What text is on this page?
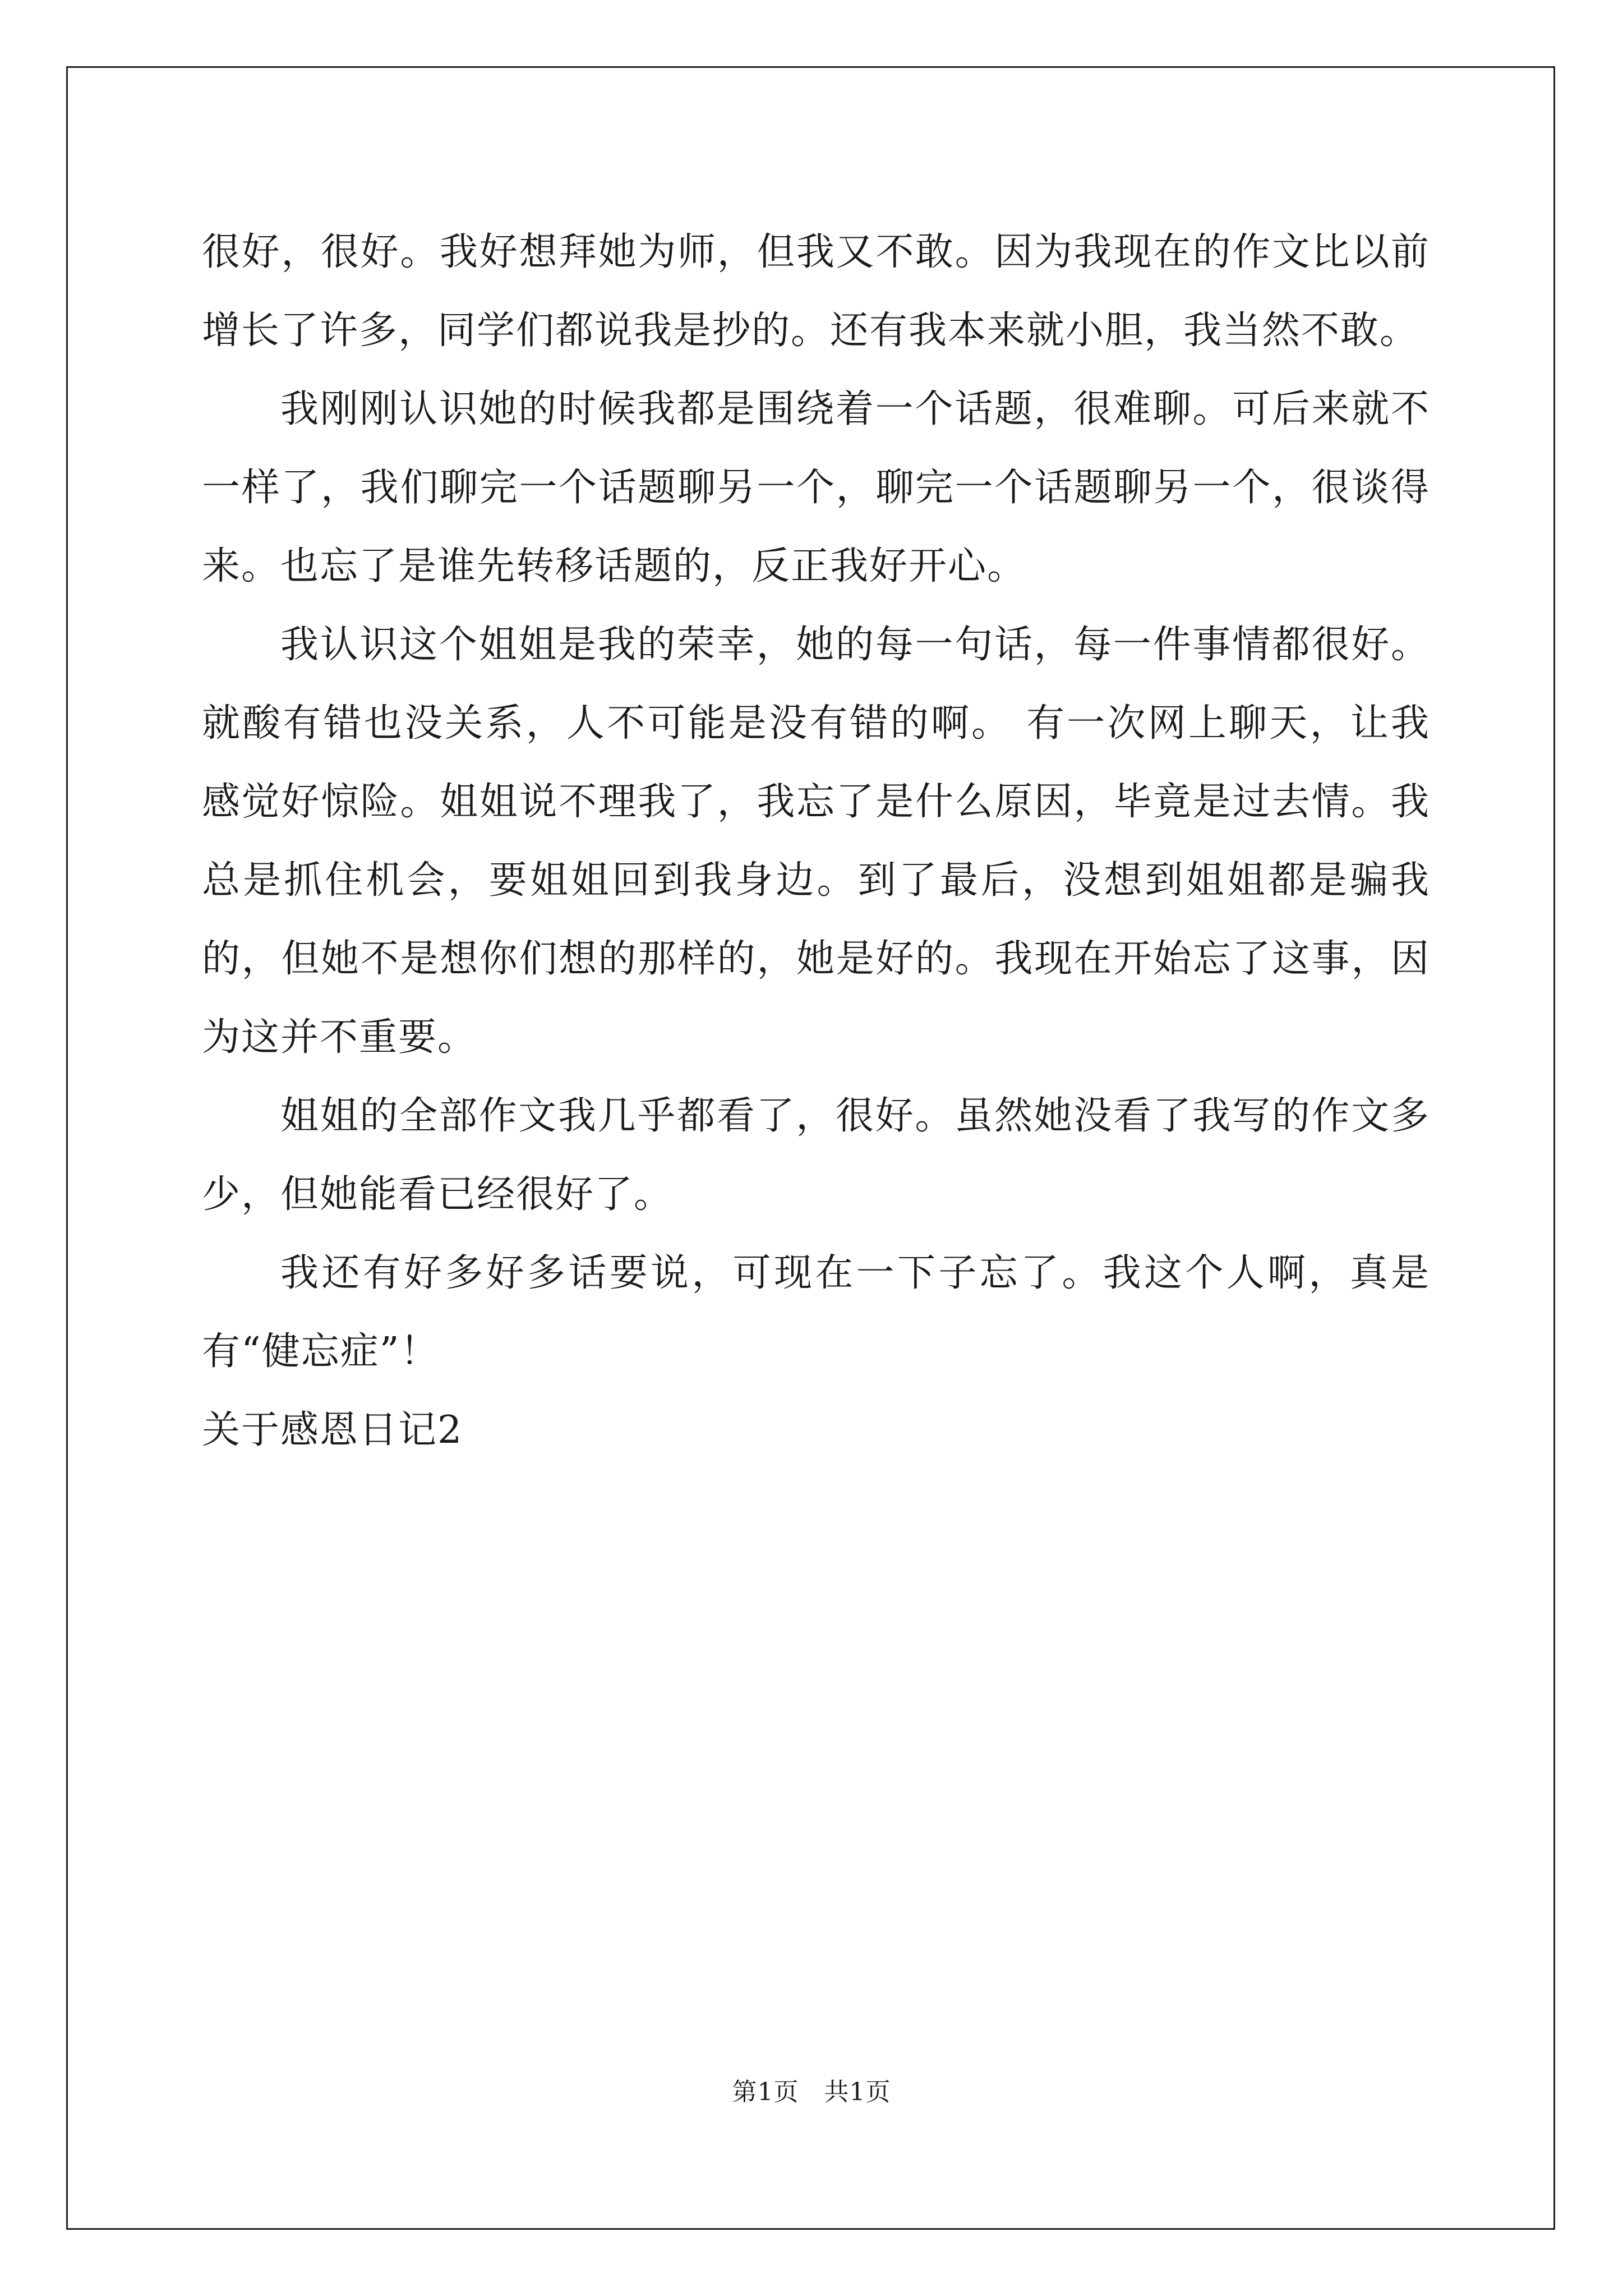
很好，很好。我好想拜她为师，但我又不敢。因为我现在的作文比以前增长了许多，同学们都说我是抄的。还有我本来就小胆，我当然不敢。

我刚刚认识她的时候我都是围绕着一个话题，很难聊。可后来就不一样了，我们聊完一个话题聊另一个，聊完一个话题聊另一个，很谈得来。也忘了是谁先转移话题的，反正我好开心。

我认识这个姐姐是我的荣幸，她的每一句话，每一件事情都很好。就酸有错也没关系，人不可能是没有错的啊。 有一次网上聊天，让我感觉好惊险。姐姐说不理我了，我忘了是什么原因，毕竟是过去情。我总是抓住机会，要姐姐回到我身边。到了最后，没想到姐姐都是骗我的，但她不是想你们想的那样的，她是好的。我现在开始忘了这事，因为这并不重要。

姐姐的全部作文我几乎都看了，很好。虽然她没看了我写的作文多少，但她能看已经很好了。

我还有好多好多话要说，可现在一下子忘了。我这个人啊，真是有“健忘症”！

关于感恩日记2

第1页　共1页
